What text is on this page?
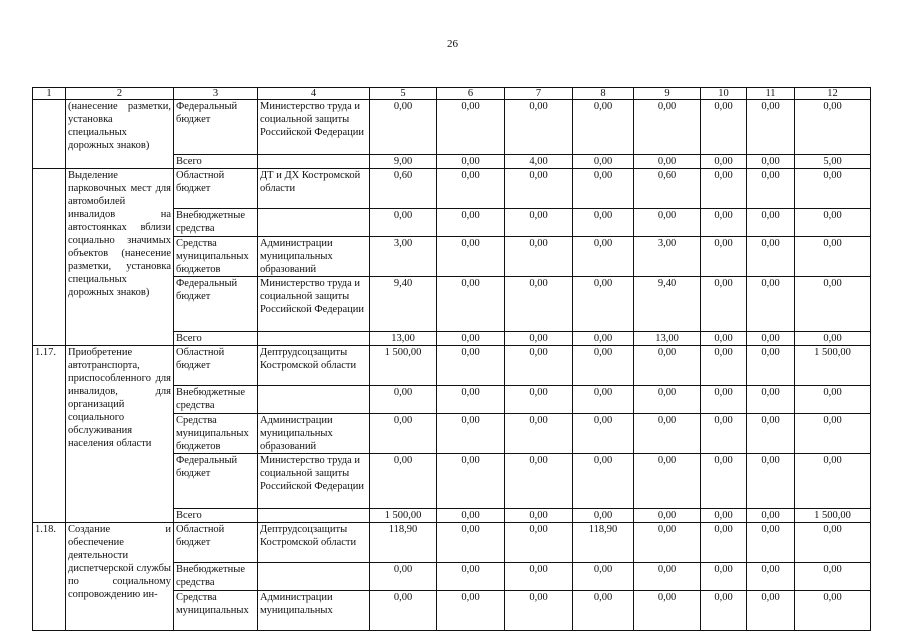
26
1	2	3	4	5	6	7	8	9	10	11	12
	(нанесение разметки, установка специальных дорожных знаков)	Федеральный бюджет	Министерство труда и социальной защиты Российской Федерации	0,00	0,00	0,00	0,00	0,00	0,00	0,00	0,00
		Всего		9,00	0,00	4,00	0,00	0,00	0,00	0,00	5,00
	Выделение парковочных мест для автомобилей инвалидов на автостоянках вблизи социально значимых объектов (нанесение разметки, установка специальных дорожных знаков)	Областной бюджет	ДТ и ДХ Костромской области	0,60	0,00	0,00	0,00	0,60	0,00	0,00	0,00
		Внебюджетные средства		0,00	0,00	0,00	0,00	0,00	0,00	0,00	0,00
		Средства муниципальных бюджетов	Администрации муниципальных образований	3,00	0,00	0,00	0,00	3,00	0,00	0,00	0,00
		Федеральный бюджет	Министерство труда и социальной защиты Российской Федерации	9,40	0,00	0,00	0,00	9,40	0,00	0,00	0,00
		Всего		13,00	0,00	0,00	0,00	13,00	0,00	0,00	0,00
1.17.	Приобретение автотранспорта, приспособленного для инвалидов, для организаций социального обслуживания населения области	Областной бюджет	Дептрудсоцзащиты Костромской области	1 500,00	0,00	0,00	0,00	0,00	0,00	0,00	1 500,00
		Внебюджетные средства		0,00	0,00	0,00	0,00	0,00	0,00	0,00	0,00
		Средства муниципальных бюджетов	Администрации муниципальных образований	0,00	0,00	0,00	0,00	0,00	0,00	0,00	0,00
		Федеральный бюджет	Министерство труда и социальной защиты Российской Федерации	0,00	0,00	0,00	0,00	0,00	0,00	0,00	0,00
		Всего		1 500,00	0,00	0,00	0,00	0,00	0,00	0,00	1 500,00
1.18.	Создание и обеспечение деятельности диспетчерской службы по социальному сопровождению ин-	Областной бюджет	Дептрудсоцзащиты Костромской области	118,90	0,00	0,00	118,90	0,00	0,00	0,00	0,00
		Внебюджетные средства		0,00	0,00	0,00	0,00	0,00	0,00	0,00	0,00
		Средства муниципальных	Администрации муниципальных	0,00	0,00	0,00	0,00	0,00	0,00	0,00	0,00
